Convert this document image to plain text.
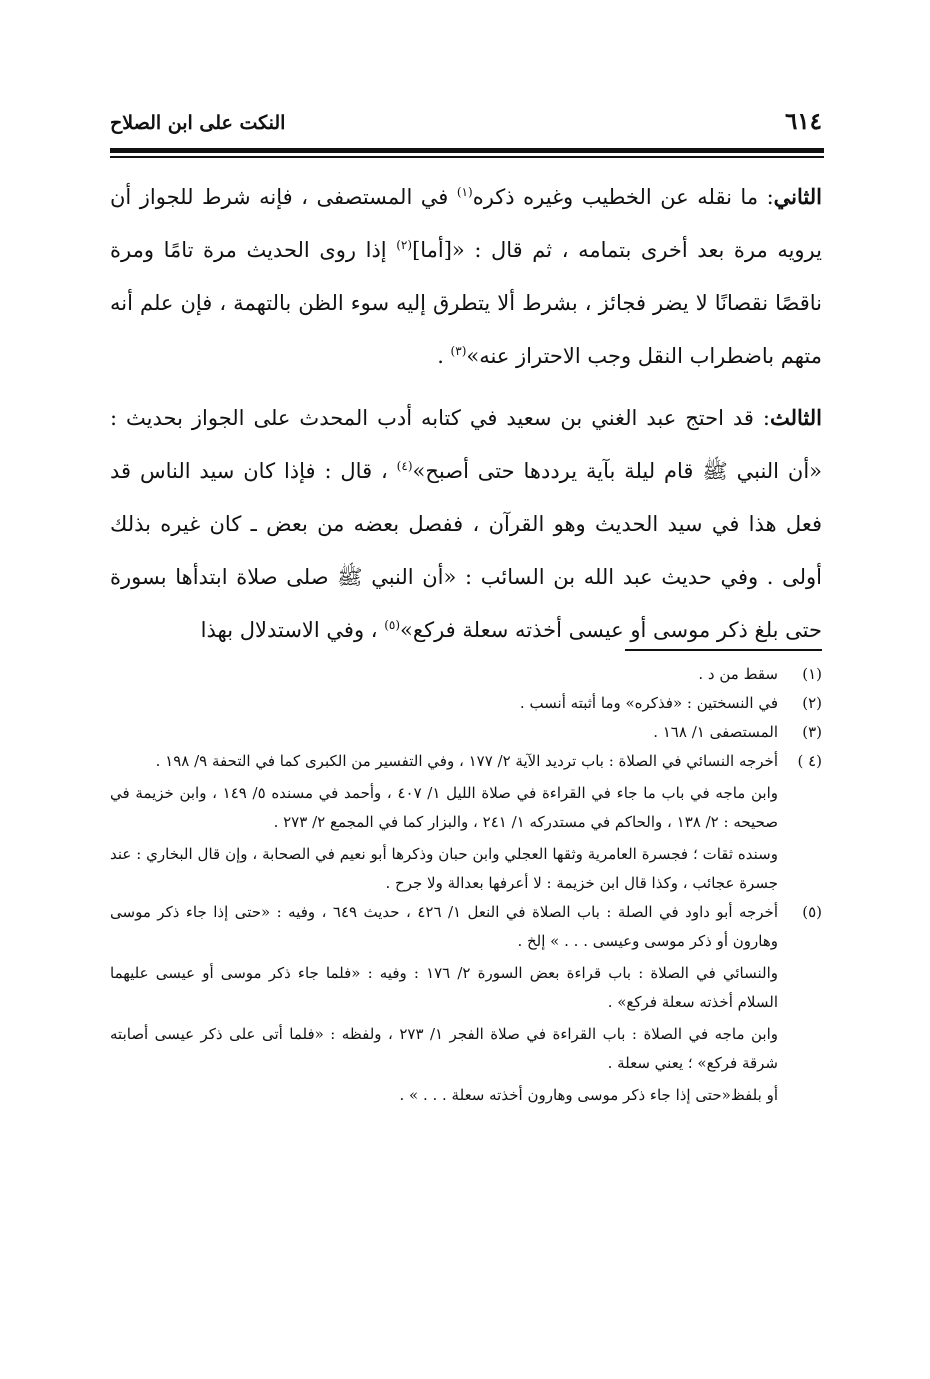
٦١٤
النكت على ابن الصلاح

الثاني: ما نقله عن الخطيب وغيره ذكره$^{(١)}$ في المستصفى ، فإنه شرط للجواز أن يرويه مرة بعد أخرى بتمامه ، ثم قال : «[أما]$^{(٢)}$ إذا روى الحديث مرة تامًا ومرة ناقصًا نقصانًا لا يضر فجائز ، بشرط ألا يتطرق إليه سوء الظن بالتهمة ، فإن علم أنه متهم باضطراب النقل وجب الاحتراز عنه»$^{(٣)}$ .

الثالث: قد احتج عبد الغني بن سعيد في كتابه أدب المحدث على الجواز بحديث : «أن النبي ﷺ قام ليلة بآية يرددها حتى أصبح»$^{(٤)}$ ، قال : فإذا كان سيد الناس قد فعل هذا في سيد الحديث وهو القرآن ، ففصل بعضه من بعض ـ كان غيره بذلك أولى . وفي حديث عبد الله بن السائب : «أن النبي ﷺ صلى صلاة ابتدأها بسورة حتى بلغ ذكر موسى أو عيسى أخذته سعلة فركع»$^{(٥)}$ ، وفي الاستدلال بهذا

(١)
سقط من د .
(٢)
في النسختين : «فذكره» وما أثبته أنسب .
(٣)
المستصفى ١/ ١٦٨ .
(٤ )
أخرجه النسائي في الصلاة : باب ترديد الآية ٢/ ١٧٧ ، وفي التفسير من الكبرى كما في التحفة ٩/ ١٩٨ .
وابن ماجه في باب ما جاء في القراءة في صلاة الليل ١/ ٤٠٧ ، وأحمد في مسنده ٥/ ١٤٩ ، وابن خزيمة في صحيحه : ٢/ ١٣٨ ، والحاكم في مستدركه ١/ ٢٤١ ، والبزار كما في المجمع ٢/ ٢٧٣ .
وسنده ثقات ؛ فجسرة العامرية وثقها العجلي وابن حبان وذكرها أبو نعيم في الصحابة ، وإن قال البخاري : عند جسرة عجائب ، وكذا قال ابن خزيمة : لا أعرفها بعدالة ولا جرح .
(٥)
أخرجه أبو داود في الصلة : باب الصلاة في النعل ١/ ٤٢٦ ، حديث ٦٤٩ ، وفيه : «حتى إذا جاء ذكر موسى وهارون أو ذكر موسى وعيسى . . . » إلخ .
والنسائي في الصلاة : باب قراءة بعض السورة ٢/ ١٧٦ : وفيه : «فلما جاء ذكر موسى أو عيسى عليهما السلام أخذته سعلة فركع» .
وابن ماجه في الصلاة : باب القراءة في صلاة الفجر ١/ ٢٧٣ ، ولفظه : «فلما أتى على ذكر عيسى أصابته شرقة فركع» ؛ يعني سعلة .
أو بلفظ«حتى إذا جاء ذكر موسى وهارون أخذته سعلة . . . » .
